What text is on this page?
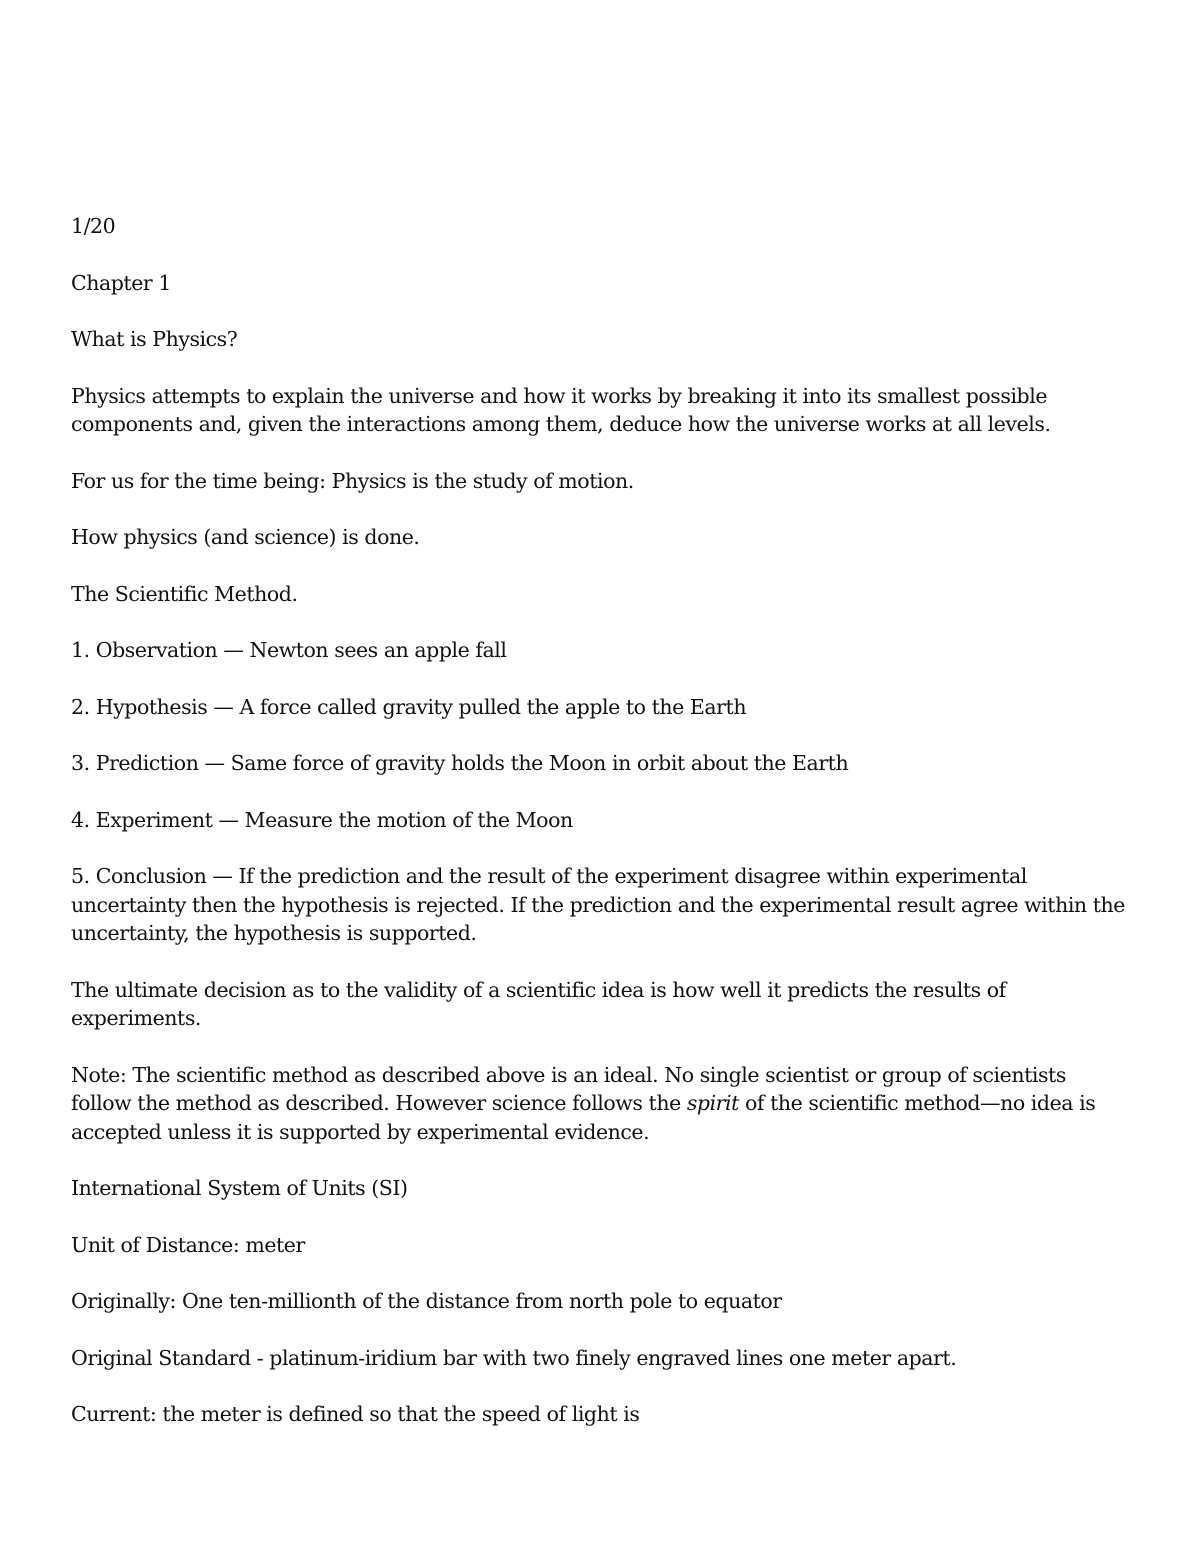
1/20

Chapter 1

What is Physics?

Physics attempts to explain the universe and how it works by breaking it into its smallest possible components and, given the interactions among them, deduce how the universe works at all levels.

For us for the time being: Physics is the study of motion.

How physics (and science) is done.

The Scientific Method.

1. Observation — Newton sees an apple fall

2. Hypothesis — A force called gravity pulled the apple to the Earth

3. Prediction — Same force of gravity holds the Moon in orbit about the Earth

4. Experiment — Measure the motion of the Moon

5. Conclusion — If the prediction and the result of the experiment disagree within experimental uncertainty then the hypothesis is rejected. If the prediction and the experimental result agree within the uncertainty, the hypothesis is supported.

The ultimate decision as to the validity of a scientific idea is how well it predicts the results of experiments.

Note: The scientific method as described above is an ideal. No single scientist or group of scientists follow the method as described. However science follows the spirit of the scientific method—no idea is accepted unless it is supported by experimental evidence.

International System of Units (SI)

Unit of Distance: meter

Originally: One ten-millionth of the distance from north pole to equator

Original Standard - platinum-iridium bar with two finely engraved lines one meter apart.

Current: the meter is defined so that the speed of light is
